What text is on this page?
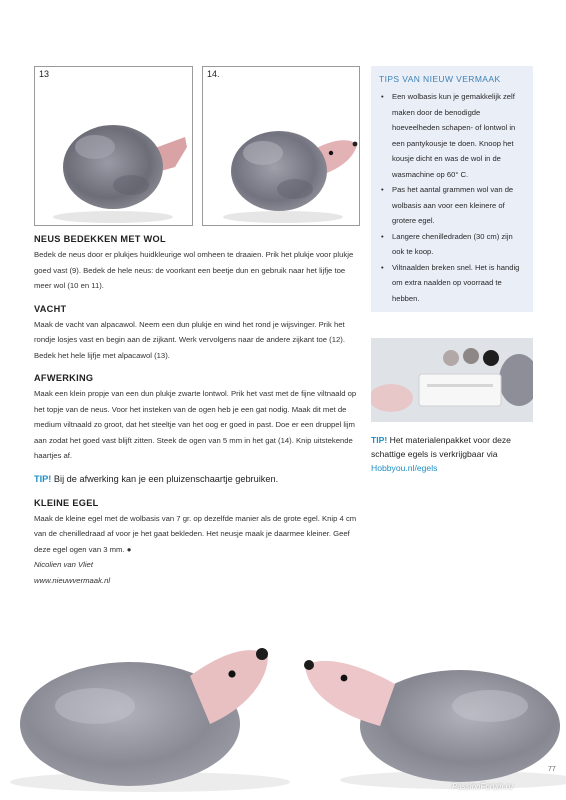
13	14.
NEUS BEDEKKEN MET WOL
Bedek de neus door er plukjes huidkleurige wol omheen te draaien. Prik het plukje voor plukje goed vast (9). Bedek de hele neus: de voorkant een beetje dun en gebruik naar het lijfje toe meer wol (10 en 11).
VACHT
Maak de vacht van alpacawol. Neem een dun plukje en wind het rond je wijsvinger. Prik het rondje losjes vast en begin aan de zijkant. Werk vervolgens naar de andere zijkant toe (12). Bedek het hele lijfje met alpacawol (13).
AFWERKING
Maak een klein propje van een dun plukje zwarte lontwol. Prik het vast met de fijne viltnaald op het topje van de neus. Voor het insteken van de ogen heb je een gat nodig. Maak dit met de medium viltnaald zo groot, dat het steeltje van het oog er goed in past. Doe er een druppel lijm aan zodat het goed vast blijft zitten. Steek de ogen van 5 mm in het gat (14). Knip uitstekende haartjes af.
TIP! Bij de afwerking kan je een pluizenschaartje gebruiken.
KLEINE EGEL
Maak de kleine egel met de wolbasis van 7 gr. op dezelfde manier als de grote egel. Knip 4 cm van de chenilledraad af voor je het gaat bekleden. Het neusje maak je daarmee kleiner. Geef deze egel ogen van 3 mm. ●
Nicolien van Vliet
www.nieuwvermaak.nl
TIPS VAN NIEUW VERMAAK
• Een wolbasis kun je gemakkelijk zelf maken door de benodigde hoeveelheden schapen- of lontwol in een pantykousje te doen. Knoop het kousje dicht en was de wol in de wasmachine op 60° C.
• Pas het aantal grammen wol van de wolbasis aan voor een kleinere of grotere egel.
• Langere chenilledraden (30 cm) zijn ook te koop.
• Viltnaalden breken snel. Het is handig om extra naalden op voorraad te hebben.
TIP! Het materialenpakket voor deze schattige egels is verkrijgbaar via Hobbyou.nl/egels
77
PassionForum.ru
